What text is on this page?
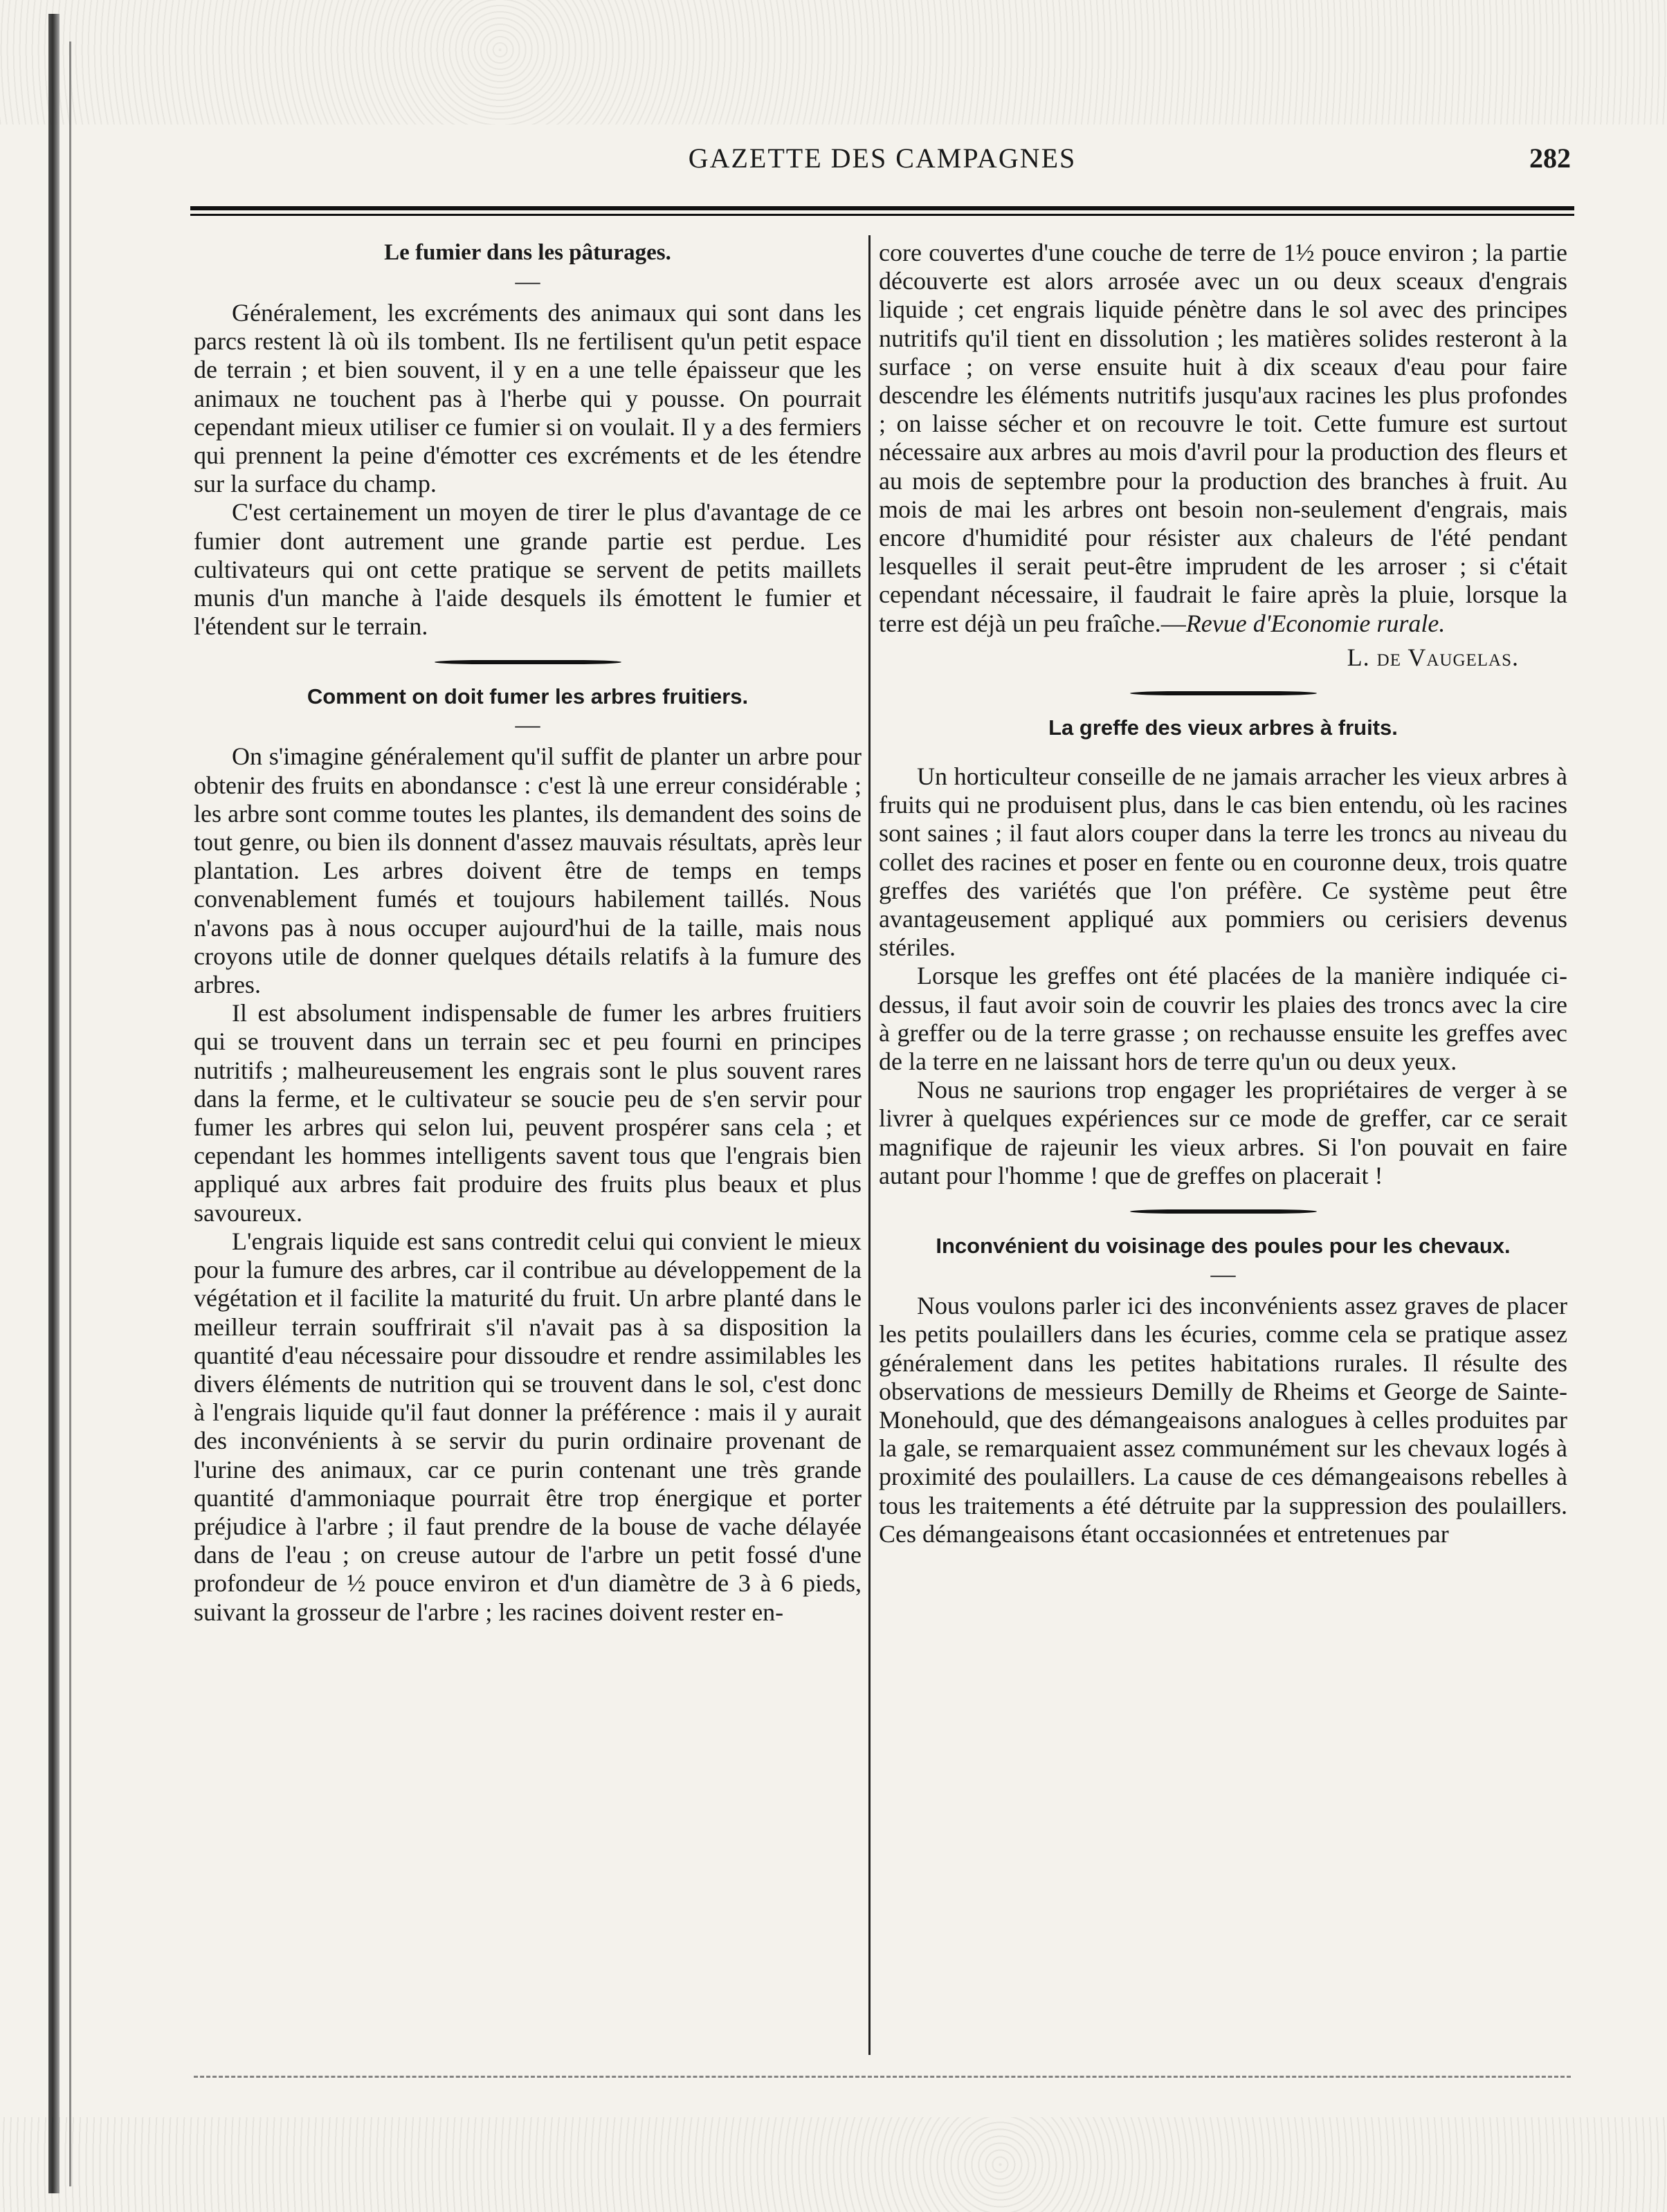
GAZETTE DES CAMPAGNES	282
Le fumier dans les pâturages.
—

Généralement, les excréments des animaux qui sont dans les parcs restent là où ils tombent. Ils ne fertilisent qu'un petit espace de terrain ; et bien souvent, il y en a une telle épaisseur que les animaux ne touchent pas à l'herbe qui y pousse. On pourrait cependant mieux utiliser ce fumier si on voulait. Il y a des fermiers qui prennent la peine d'émotter ces excréments et de les étendre sur la surface du champ.

C'est certainement un moyen de tirer le plus d'avantage de ce fumier dont autrement une grande partie est perdue. Les cultivateurs qui ont cette pratique se servent de petits maillets munis d'un manche à l'aide desquels ils émottent le fumier et l'étendent sur le terrain.

Comment on doit fumer les arbres fruitiers.
—

On s'imagine généralement qu'il suffit de planter un arbre pour obtenir des fruits en abondansce : c'est là une erreur considérable ; les arbre sont comme toutes les plantes, ils demandent des soins de tout genre, ou bien ils donnent d'assez mauvais résultats, après leur plantation. Les arbres doivent être de temps en temps convenablement fumés et toujours habilement taillés. Nous n'avons pas à nous occuper aujourd'hui de la taille, mais nous croyons utile de donner quelques détails relatifs à la fumure des arbres.

Il est absolument indispensable de fumer les arbres fruitiers qui se trouvent dans un terrain sec et peu fourni en principes nutritifs ; malheureusement les engrais sont le plus souvent rares dans la ferme, et le cultivateur se soucie peu de s'en servir pour fumer les arbres qui selon lui, peuvent prospérer sans cela ; et cependant les hommes intelligents savent tous que l'engrais bien appliqué aux arbres fait produire des fruits plus beaux et plus savoureux.

L'engrais liquide est sans contredit celui qui convient le mieux pour la fumure des arbres, car il contribue au développement de la végétation et il facilite la maturité du fruit. Un arbre planté dans le meilleur terrain souffrirait s'il n'avait pas à sa disposition la quantité d'eau nécessaire pour dissoudre et rendre assimilables les divers éléments de nutrition qui se trouvent dans le sol, c'est donc à l'engrais liquide qu'il faut donner la préférence : mais il y aurait des inconvénients à se servir du purin ordinaire provenant de l'urine des animaux, car ce purin contenant une très grande quantité d'ammoniaque pourrait être trop énergique et porter préjudice à l'arbre ; il faut prendre de la bouse de vache délayée dans de l'eau ; on creuse autour de l'arbre un petit fossé d'une profondeur de ½ pouce environ et d'un diamètre de 3 à 6 pieds, suivant la grosseur de l'arbre ; les racines doivent rester en-

core couvertes d'une couche de terre de 1½ pouce environ ; la partie découverte est alors arrosée avec un ou deux sceaux d'engrais liquide ; cet engrais liquide pénètre dans le sol avec des principes nutritifs qu'il tient en dissolution ; les matières solides resteront à la surface ; on verse ensuite huit à dix sceaux d'eau pour faire descendre les éléments nutritifs jusqu'aux racines les plus profondes ; on laisse sécher et on recouvre le toit. Cette fumure est surtout nécessaire aux arbres au mois d'avril pour la production des fleurs et au mois de septembre pour la production des branches à fruit. Au mois de mai les arbres ont besoin non-seulement d'engrais, mais encore d'humidité pour résister aux chaleurs de l'été pendant lesquelles il serait peut-être imprudent de les arroser ; si c'était cependant nécessaire, il faudrait le faire après la pluie, lorsque la terre est déjà un peu fraîche.—Revue d'Economie rurale.

L. de Vaugelas.
La greffe des vieux arbres à fruits.

Un horticulteur conseille de ne jamais arracher les vieux arbres à fruits qui ne produisent plus, dans le cas bien entendu, où les racines sont saines ; il faut alors couper dans la terre les troncs au niveau du collet des racines et poser en fente ou en couronne deux, trois quatre greffes des variétés que l'on préfère. Ce système peut être avantageusement appliqué aux pommiers ou cerisiers devenus stériles.

Lorsque les greffes ont été placées de la manière indiquée ci-dessus, il faut avoir soin de couvrir les plaies des troncs avec la cire à greffer ou de la terre grasse ; on rechausse ensuite les greffes avec de la terre en ne laissant hors de terre qu'un ou deux yeux.

Nous ne saurions trop engager les propriétaires de verger à se livrer à quelques expériences sur ce mode de greffer, car ce serait magnifique de rajeunir les vieux arbres. Si l'on pouvait en faire autant pour l'homme ! que de greffes on placerait !

Inconvénient du voisinage des poules pour les chevaux.
—

Nous voulons parler ici des inconvénients assez graves de placer les petits poulaillers dans les écuries, comme cela se pratique assez généralement dans les petites habitations rurales. Il résulte des observations de messieurs Demilly de Rheims et George de Sainte-Monehould, que des démangeaisons analogues à celles produites par la gale, se remarquaient assez communément sur les chevaux logés à proximité des poulaillers. La cause de ces démangeaisons rebelles à tous les traitements a été détruite par la suppression des poulaillers. Ces démangeaisons étant occasionnées et entretenues par
